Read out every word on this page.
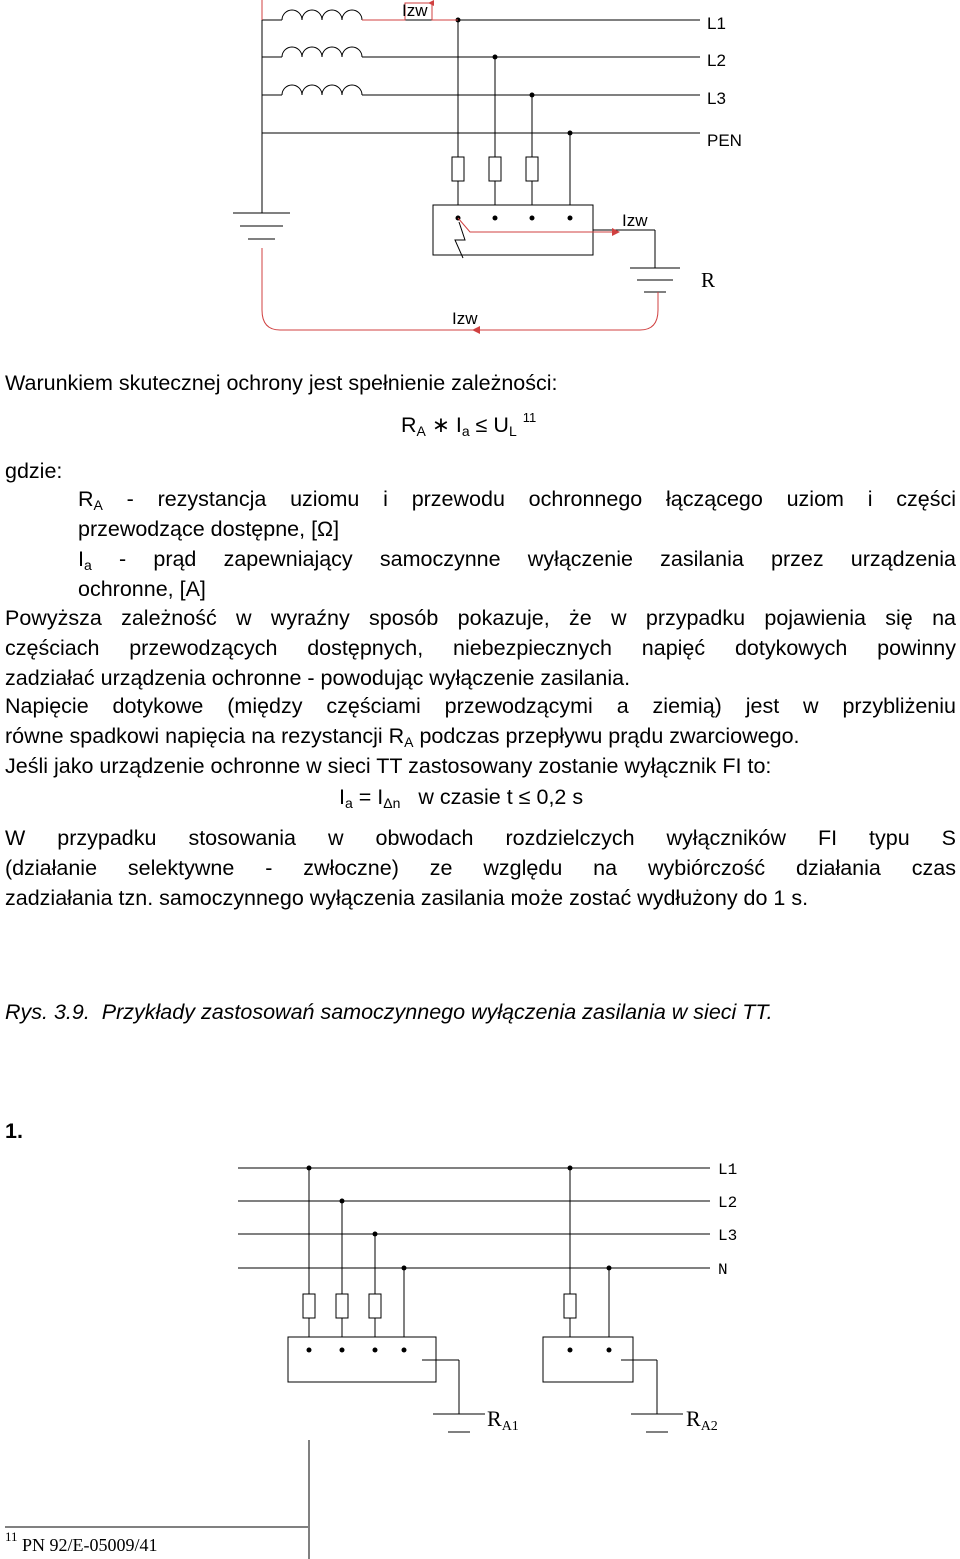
Izw
Izw
Izw
L1
L2
L3
PEN
R
Warunkiem skutecznej ochrony jest spełnienie zależności:
$R_A$ ∗ $I_a \le U_L$ $^{11}$
gdzie:
$R_A$ - rezystancja uziomu i przewodu ochronnego łączącego uziom i części
przewodzące dostępne, [Ω]
$I_a$ - prąd zapewniający samoczynne wyłączenie zasilania przez urządzenia
ochronne, [A]
Powyższa zależność w wyraźny sposób pokazuje, że w przypadku pojawienia się na
częściach przewodzących dostępnych, niebezpiecznych napięć dotykowych powinny
zadziałać urządzenia ochronne - powodując wyłączenie zasilania.
Napięcie dotykowe (między częściami przewodzącymi a ziemią) jest w przybliżeniu
równe spadkowi napięcia na rezystancji $R_A$ podczas przepływu prądu zwarciowego.
Jeśli jako urządzenie ochronne w sieci TT zastosowany zostanie wyłącznik FI to:
$I_a = I_{\Delta n}$   w czasie t ≤ 0,2 s
W przypadku stosowania w obwodach rozdzielczych wyłączników FI typu S
(działanie selektywne - zwłoczne) ze względu na wybiórczość działania czas
zadziałania tzn. samoczynnego wyłączenia zasilania może zostać wydłużony do 1 s.
Rys. 3.9.  Przykłady zastosowań samoczynnego wyłączenia zasilania w sieci TT.
1.
L1
L2
L3
N
$R_{A1}$	$R_{A2}$
$^{11}$ PN 92/E-05009/41
